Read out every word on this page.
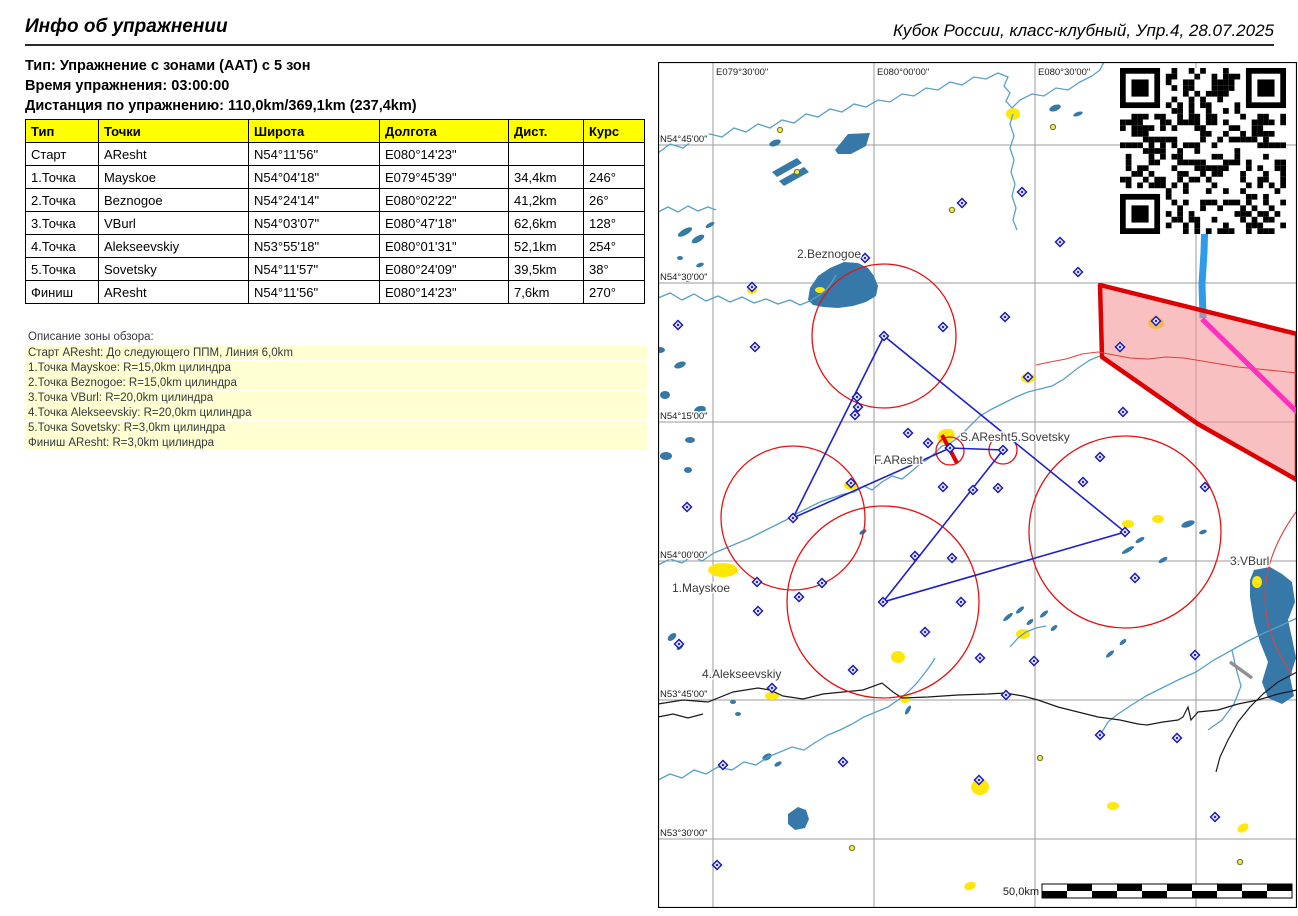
Инфо об упражнении	Кубок России, класс-клубный, Упр.4, 28.07.2025
Тип: Упражнение с зонами (ААТ) с 5 зон
Время упражнения: 03:00:00
Дистанция по упражнению: 110,0km/369,1km (237,4km)
Тип	Точки	Широта	Долгота	Дист.	Курс
Старт	AResht	N54°11'56"	E080°14'23"		
1.Точка	Mayskoe	N54°04'18"	E079°45'39"	34,4km	246°
2.Точка	Beznogoe	N54°24'14"	E080°02'22"	41,2km	26°
3.Точка	VBurl	N54°03'07"	E080°47'18"	62,6km	128°
4.Точка	Alekseevskiy	N53°55'18"	E080°01'31"	52,1km	254°
5.Точка	Sovetsky	N54°11'57"	E080°24'09"	39,5km	38°
Финиш	AResht	N54°11'56"	E080°14'23"	7,6km	270°
Описание зоны обзора:
Старт AResht: До следующего ППМ, Линия 6,0km
1.Точка Mayskoe: R=15,0km цилиндра
2.Точка Beznogoe: R=15,0km цилиндра
3.Точка VBurl: R=20,0km цилиндра
4.Точка Alekseevskiy: R=20,0km цилиндра
5.Точка Sovetsky: R=3,0km цилиндра
Финиш AResht: R=3,0km цилиндра
E079°30'00"	E080°00'00"	E080°30'00"
N54°45'00"
N54°30'00"
N54°15'00"
N54°00'00"
N53°45'00"
N53°30'00"
2.Beznogoe
S.AResht 5.Sovetsky
F.AResht
1.Mayskoe
4.Alekseevskiy
3.VBurl
50,0km
